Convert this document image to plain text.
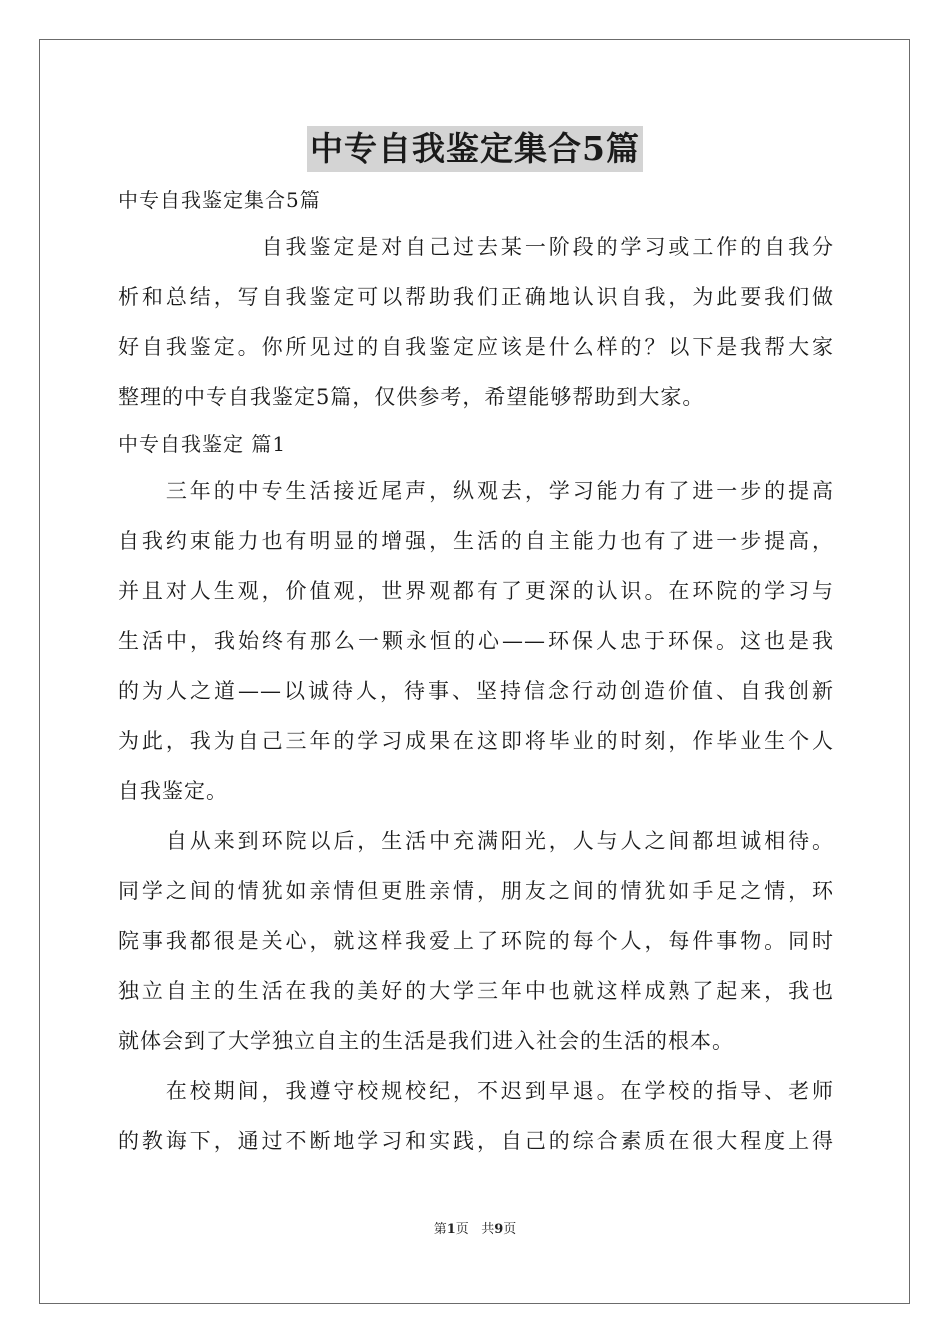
中专自我鉴定集合5篇
中专自我鉴定集合5篇
　　　　　　自我鉴定是对自己过去某一阶段的学习或工作的自我分
析和总结，写自我鉴定可以帮助我们正确地认识自我，为此要我们做
好自我鉴定。你所见过的自我鉴定应该是什么样的？以下是我帮大家
整理的中专自我鉴定5篇，仅供参考，希望能够帮助到大家。
中专自我鉴定 篇1
　　三年的中专生活接近尾声，纵观去，学习能力有了进一步的提高
自我约束能力也有明显的增强，生活的自主能力也有了进一步提高，
并且对人生观，价值观，世界观都有了更深的认识。在环院的学习与
生活中，我始终有那么一颗永恒的心——环保人忠于环保。这也是我
的为人之道——以诚待人，待事、坚持信念行动创造价值、自我创新
为此，我为自己三年的学习成果在这即将毕业的时刻，作毕业生个人
自我鉴定。
　　自从来到环院以后，生活中充满阳光，人与人之间都坦诚相待。
同学之间的情犹如亲情但更胜亲情，朋友之间的情犹如手足之情，环
院事我都很是关心，就这样我爱上了环院的每个人，每件事物。同时
独立自主的生活在我的美好的大学三年中也就这样成熟了起来，我也
就体会到了大学独立自主的生活是我们进入社会的生活的根本。
　　在校期间，我遵守校规校纪，不迟到早退。在学校的指导、老师
的教诲下，通过不断地学习和实践，自己的综合素质在很大程度上得
第1页 共9页
